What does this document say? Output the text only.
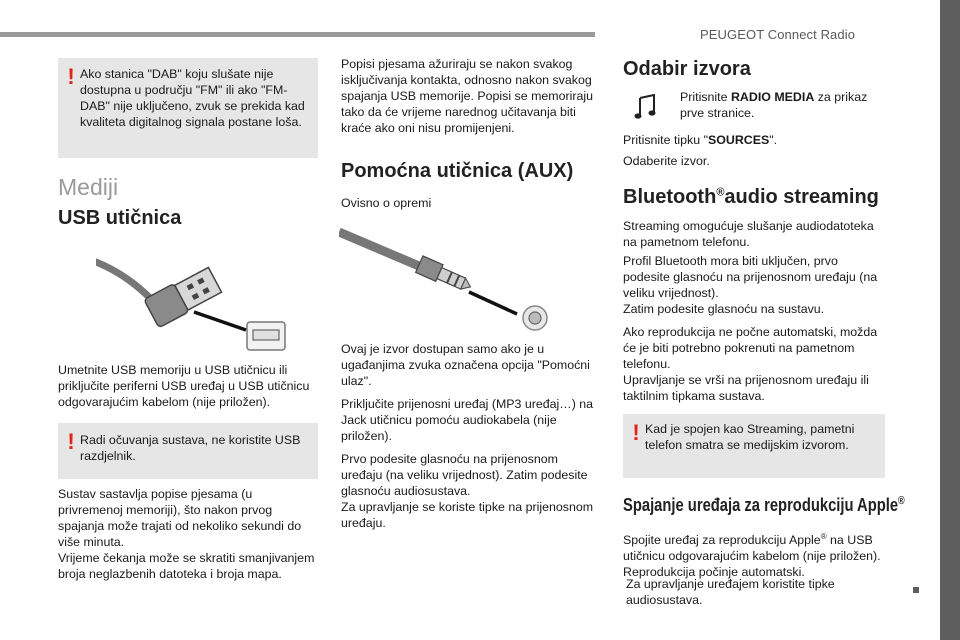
PEUGEOT Connect Radio
! Ako stanica "DAB" koju slušate nije dostupna u području "FM" ili ako "FM-DAB" nije uključeno, zvuk se prekida kad kvaliteta digitalnog signala postane loša.

Mediji
USB utičnica

Umetnite USB memoriju u USB utičnicu ili priključite periferni USB uređaj u USB utičnicu odgovarajućim kabelom (nije priložen).

! Radi očuvanja sustava, ne koristite USB razdjelnik.

Sustav sastavlja popise pjesama (u privremenoj memoriji), što nakon prvog spajanja može trajati od nekoliko sekundi do više minuta.
Vrijeme čekanja može se skratiti smanjivanjem broja neglazbenih datoteka i broja mapa.

Popisi pjesama ažuriraju se nakon svakog isključivanja kontakta, odnosno nakon svakog spajanja USB memorije. Popisi se memoriraju tako da će vrijeme narednog učitavanja biti kraće ako oni nisu promijenjeni.

Pomoćna utičnica (AUX)

Ovisno o opremi

Ovaj je izvor dostupan samo ako je u ugađanjima zvuka označena opcija "Pomoćni ulaz".

Priključite prijenosni uređaj (MP3 uređaj…) na Jack utičnicu pomoću audiokabela (nije priložen).

Prvo podesite glasnoću na prijenosnom uređaju (na veliku vrijednost). Zatim podesite glasnoću audiosustava.
Za upravljanje se koriste tipke na prijenosnom uređaju.

Odabir izvora

Pritisnite RADIO MEDIA za prikaz prve stranice.

Pritisnite tipku "SOURCES".

Odaberite izvor.

Bluetooth®audio streaming

Streaming omogućuje slušanje audiodatoteka na pametnom telefonu.

Profil Bluetooth mora biti uključen, prvo podesite glasnoću na prijenosnom uređaju (na veliku vrijednost).
Zatim podesite glasnoću na sustavu.

Ako reprodukcija ne počne automatski, možda će je biti potrebno pokrenuti na pametnom telefonu.
Upravljanje se vrši na prijenosnom uređaju ili taktilnim tipkama sustava.

! Kad je spojen kao Streaming, pametni telefon smatra se medijskim izvorom.

Spajanje uređaja za reprodukciju Apple®

Spojite uređaj za reprodukciju Apple® na USB utičnicu odgovarajućim kabelom (nije priložen).
Reprodukcija počinje automatski.

Za upravljanje uređajem koristite tipke audiosustava.
